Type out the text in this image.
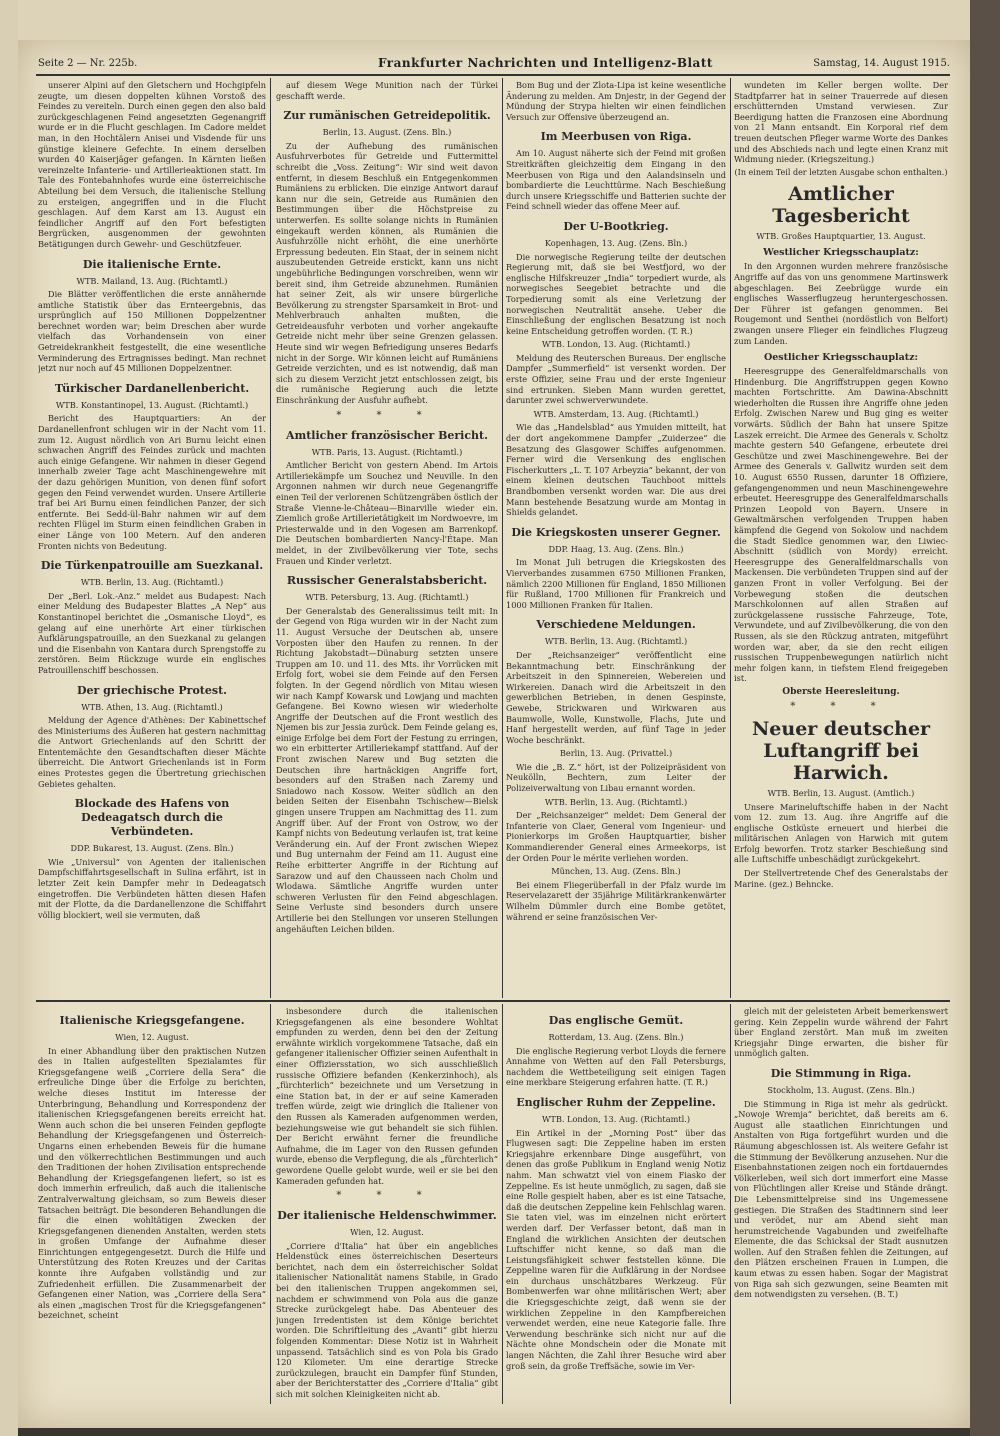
Seite 2 — Nr. 225b.	Frankfurter Nachrichten und Intelligenz-Blatt	Samstag, 14. August 1915.

unserer Alpini auf den Gletschern und Hochgipfeln zeugte, um diesen doppelten kühnen Vorstoß des Feindes zu vereiteln. Durch einen gegen den also bald zurückgeschlagenen Feind angesetzten Gegenangriff wurde er in die Flucht geschlagen. Im Cadore meldet man, in den Hochtälern Anisei und Visdende für uns günstige kleinere Gefechte. In einem derselben wurden 40 Kaiserjäger gefangen. In Kärnten ließen vereinzelte Infanterie- und Artillerieaktionen statt. Im Tale des Fontebahnhofes wurde eine österreichische Abteilung bei dem Versuch, die italienische Stellung zu ersteigen, angegriffen und in die Flucht geschlagen. Auf dem Karst am 13. August ein feindlicher Angriff auf den Fort befestigten Bergrücken, ausgenommen der gewohnten Betätigungen durch Gewehr- und Geschützfeuer.

Die italienische Ernte.
WTB. Mailand, 13. Aug. (Richtamtl.)

Die Blätter veröffentlichen die erste annähernde amtliche Statistik über das Ernteergebnis, das ursprünglich auf 150 Millionen Doppelzentner berechnet worden war; beim Dreschen aber wurde vielfach das Vorhandensein von einer Getreidekrankheit festgestellt, die eine wesentliche Verminderung des Ertragnisses bedingt. Man rechnet jetzt nur noch auf 45 Millionen Doppelzentner.

Türkischer Dardanellenbericht.
WTB. Konstantinopel, 13. August. (Richtamtl.)

Bericht des Hauptquartiers: An der Dardanellenfront schlugen wir in der Nacht vom 11. zum 12. August nördlich von Ari Burnu leicht einen schwachen Angriff des Feindes zurück und machten auch einige Gefangene. Wir nahmen in dieser Gegend innerhalb zweier Tage acht Maschinengewehre mit der dazu gehörigen Munition, von denen fünf sofort gegen den Feind verwendet wurden. Unsere Artillerie traf bei Ari Burnu einen feindlichen Panzer, der sich entfernte. Bei Sedd-ül-Bahr nahmen wir auf dem rechten Flügel im Sturm einen feindlichen Graben in einer Länge von 100 Metern. Auf den anderen Fronten nichts von Bedeutung.

Die Türkenpatrouille am Suezkanal.
WTB. Berlin, 13. Aug. (Richtamtl.)

Der „Berl. Lok.-Anz.“ meldet aus Budapest: Nach einer Meldung des Budapester Blattes „A Nep“ aus Konstantinopel berichtet die „Osmanische Lloyd“, es gelang auf eine unerhörte Art einer türkischen Aufklärungspatrouille, an den Suezkanal zu gelangen und die Eisenbahn von Kantara durch Sprengstoffe zu zerstören. Beim Rückzuge wurde ein englisches Patrouillenschiff beschossen.

Der griechische Protest.
WTB. Athen, 13. Aug. (Richtamtl.)

Meldung der Agence d'Athènes: Der Kabinettschef des Ministeriums des Äußeren hat gestern nachmittag die Antwort Griechenlands auf den Schritt der Ententemächte den Gesandtschaften dieser Mächte überreicht. Die Antwort Griechenlands ist in Form eines Protestes gegen die Übertretung griechischen Gebietes gehalten.

Blockade des Hafens von Dedeagatsch durch die Verbündeten.
DDP. Bukarest, 13. August. (Zens. Bln.)

Wie „Universul“ von Agenten der italienischen Dampfschiffahrtsgesellschaft in Sulina erfährt, ist in letzter Zeit kein Dampfer mehr in Dedeagatsch eingetroffen. Die Verbündeten hätten diesen Hafen mit der Flotte, da die Dardanellenzone die Schiffahrt völlig blockiert, weil sie vermuten, daß

auf diesem Wege Munition nach der Türkei geschafft werde.

Zur rumänischen Getreidepolitik.
Berlin, 13. August. (Zens. Bln.)

Zu der Aufhebung des rumänischen Ausfuhrverbotes für Getreide und Futtermittel schreibt die „Voss. Zeitung“: Wir sind weit davon entfernt, in diesem Beschluß ein Entgegenkommen Rumäniens zu erblicken. Die einzige Antwort darauf kann nur die sein, Getreide aus Rumänien den Bestimmungen über die Höchstpreise zu unterwerfen. Es sollte solange nichts in Rumänien eingekauft werden können, als Rumänien die Ausfuhrzölle nicht erhöht, die eine unerhörte Erpressung bedeuten. Ein Staat, der in seinem nicht auszubeutenden Getreide erstickt, kann uns nicht ungebührliche Bedingungen vorschreiben, wenn wir bereit sind, ihm Getreide abzunehmen. Rumänien hat seiner Zeit, als wir unsere bürgerliche Bevölkerung zu strengster Sparsamkeit in Brot- und Mehlverbrauch anhalten mußten, die Getreideausfuhr verboten und vorher angekaufte Getreide nicht mehr über seine Grenzen gelassen. Heute sind wir wegen Befriedigung unseres Bedarfs nicht in der Sorge. Wir können leicht auf Rumäniens Getreide verzichten, und es ist notwendig, daß man sich zu diesem Verzicht jetzt entschlossen zeigt, bis die rumänische Regierung auch die letzte Einschränkung der Ausfuhr aufhebt.

* * *
Amtlicher französischer Bericht.
WTB. Paris, 13. August. (Richtamtl.)

Amtlicher Bericht von gestern Abend. Im Artois Artilleriekämpfe um Souchez und Neuville. In den Argonnen nahmen wir durch neue Gegenangriffe einen Teil der verlorenen Schützengräben östlich der Straße Vienne-le-Château—Binarville wieder ein. Ziemlich große Artillerietätigkeit im Nordwoevre, im Priesterwalde und in den Vogesen am Barrenkopf. Die Deutschen bombardierten Nancy-l'Étape. Man meldet, in der Zivilbevölkerung vier Tote, sechs Frauen und Kinder verletzt.

Russischer Generalstabsbericht.
WTB. Petersburg, 13. Aug. (Richtamtl.)

Der Generalstab des Generalissimus teilt mit: In der Gegend von Riga wurden wir in der Nacht zum 11. August Versuche der Deutschen ab, unsere Vorposten über den Haufen zu rennen. In der Richtung Jakobstadt—Dünaburg setzten unsere Truppen am 10. und 11. des Mts. ihr Vorrücken mit Erfolg fort, wobei sie dem Feinde auf den Fersen folgten. In der Gegend nördlich von Mitau wiesen wir nach Kampf Kowarsk und Lowjang und machten Gefangene. Bei Kowno wiesen wir wiederholte Angriffe der Deutschen auf die Front westlich des Njemen bis zur Jessia zurück. Dem Feinde gelang es, einige Erfolge bei dem Fort der Festung zu erringen, wo ein erbitterter Artilleriekampf stattfand. Auf der Front zwischen Narew und Bug setzten die Deutschen ihre hartnäckigen Angriffe fort, besonders auf den Straßen nach Zaremy und Sniadowo nach Kossow. Weiter südlich an den beiden Seiten der Eisenbahn Tschischew—Bielsk gingen unsere Truppen am Nachmittag des 11. zum Angriff über. Auf der Front von Ostrow, wo der Kampf nichts von Bedeutung verlaufen ist, trat keine Veränderung ein. Auf der Front zwischen Wiepez und Bug unternahm der Feind am 11. August eine Reihe erbitterter Angriffe in der Richtung auf Sarazow und auf den Chausseen nach Cholm und Wlodawa. Sämtliche Angriffe wurden unter schweren Verlusten für den Feind abgeschlagen. Seine Verluste sind besonders durch unsere Artillerie bei den Stellungen vor unseren Stellungen angehäuften Leichen bilden.

Bom Bug und der Zlota-Lipa ist keine wesentliche Änderung zu melden. Am Dnjestr, in der Gegend der Mündung der Strypa hielten wir einen feindlichen Versuch zur Offensive überzeugend an.

Im Meerbusen von Riga.

Am 10. August näherte sich der Feind mit großen Streitkräften gleichzeitig dem Eingang in den Meerbusen von Riga und den Aalandsinseln und bombardierte die Leuchttürme. Nach Beschießung durch unsere Kriegsschiffe und Batterien suchte der Feind schnell wieder das offene Meer auf.

Der U-Bootkrieg.
Kopenhagen, 13. Aug. (Zens. Bln.)

Die norwegische Regierung teilte der deutschen Regierung mit, daß sie bei Westfjord, wo der englische Hilfskreuzer „India“ torpediert wurde, als norwegisches Seegebiet betrachte und die Torpedierung somit als eine Verletzung der norwegischen Neutralität ansehe. Ueber die Einschließung der englischen Besatzung ist noch keine Entscheidung getroffen worden. (T. R.)

WTB. London, 13. Aug. (Richtamtl.)

Meldung des Reuterschen Bureaus. Der englische Dampfer „Summerfield“ ist versenkt worden. Der erste Offizier, seine Frau und der erste Ingenieur sind ertrunken. Sieben Mann wurden gerettet, darunter zwei schwerverwundete.

WTB. Amsterdam, 13. Aug. (Richtamtl.)

Wie das „Handelsblad“ aus Ymuiden mitteilt, hat der dort angekommene Dampfer „Zuiderzee“ die Besatzung des Glasgower Schiffes aufgenommen. Ferner wird die Versenkung des englischen Fischerkutters „L. T. 107 Arbeyzia“ bekannt, der von einem kleinen deutschen Tauchboot mittels Brandbomben versenkt worden war. Die aus drei Mann bestehende Besatzung wurde am Montag in Shields gelandet.

Die Kriegskosten unserer Gegner.
DDP. Haag, 13. Aug. (Zens. Bln.)

Im Monat Juli betrugen die Kriegskosten des Vierverbandes zusammen 6750 Millionen Franken, nämlich 2200 Millionen für England, 1850 Millionen für Rußland, 1700 Millionen für Frankreich und 1000 Millionen Franken für Italien.

Verschiedene Meldungen.
WTB. Berlin, 13. Aug. (Richtamtl.)

Der „Reichsanzeiger“ veröffentlicht eine Bekanntmachung betr. Einschränkung der Arbeitszeit in den Spinnereien, Webereien und Wirkereien. Danach wird die Arbeitszeit in den gewerblichen Betrieben, in denen Gespinste, Gewebe, Strickwaren und Wirkwaren aus Baumwolle, Wolle, Kunstwolle, Flachs, Jute und Hanf hergestellt werden, auf fünf Tage in jeder Woche beschränkt.

Berlin, 13. Aug. (Privattel.)

Wie die „B. Z.“ hört, ist der Polizeipräsident von Neukölln, Bechtern, zum Leiter der Polizeiverwaltung von Libau ernannt worden.

WTB. Berlin, 13. Aug. (Richtamtl.)

Der „Reichsanzeiger“ meldet: Dem General der Infanterie von Claer, General vom Ingenieur- und Pionierkorps im Großen Hauptquartier, bisher Kommandierender General eines Armeekorps, ist der Orden Pour le mérite verliehen worden.

München, 13. Aug. (Zens. Bln.)

Bei einem Fliegerüberfall in der Pfalz wurde im Reservelazarett der 35jährige Militärkrankenwärter Wilhelm Dümmler durch eine Bombe getötet, während er seine französischen Ver-

wundeten im Keller bergen wollte. Der Stadtpfarrer hat in seiner Trauerrede auf diesen erschütternden Umstand verwiesen. Zur Beerdigung hatten die Franzosen eine Abordnung von 21 Mann entsandt. Ein Korporal rief dem treuen deutschen Pfleger warme Worte des Dankes und des Abschieds nach und legte einen Kranz mit Widmung nieder. (Kriegszeitung.)

(In einem Teil der letzten Ausgabe schon enthalten.)
Amtlicher Tagesbericht
WTB. Großes Hauptquartier, 13. August.
Westlicher Kriegsschauplatz:

In den Argonnen wurden mehrere französische Angriffe auf das von uns genommene Martinswerk abgeschlagen. Bei Zeebrügge wurde ein englisches Wasserflugzeug heruntergeschossen. Der Führer ist gefangen genommen. Bei Rougemont und Senthei (nordöstlich von Belfort) zwangen unsere Flieger ein feindliches Flugzeug zum Landen.

Oestlicher Kriegsschauplatz:

Heeresgruppe des Generalfeldmarschalls von Hindenburg. Die Angriffstruppen gegen Kowno machten Fortschritte. Am Dawina-Abschnitt wiederholten die Russen ihre Angriffe ohne jeden Erfolg. Zwischen Narew und Bug ging es weiter vorwärts. Südlich der Bahn hat unsere Spitze Laszek erreicht. Die Armee des Generals v. Scholtz machte gestern 540 Gefangene, erbeutete drei Geschütze und zwei Maschinengewehre. Bei der Armee des Generals v. Gallwitz wurden seit dem 10. August 6550 Russen, darunter 18 Offiziere, gefangengenommen und neun Maschinengewehre erbeutet. Heeresgruppe des Generalfeldmarschalls Prinzen Leopold von Bayern. Unsere in Gewaltmärschen verfolgenden Truppen haben kämpfend die Gegend von Sokolow und nachdem die Stadt Siedlce genommen war, den Liwiec-Abschnitt (südlich von Mordy) erreicht. Heeresgruppe des Generalfeldmarschalls von Mackensen. Die verbündeten Truppen sind auf der ganzen Front in voller Verfolgung. Bei der Vorbewegung stoßen die deutschen Marschkolonnen auf allen Straßen auf zurückgelassene russische Fahrzeuge, Tote, Verwundete, und auf Zivilbevölkerung, die von den Russen, als sie den Rückzug antraten, mitgeführt worden war, aber, da sie den recht eiligen russischen Truppenbewegungen natürlich nicht mehr folgen kann, in tiefstem Elend freigegeben ist.

Oberste Heeresleitung.
* * *
Neuer deutscher Luftangriff bei Harwich.
WTB. Berlin, 13. August. (Amtlich.)

Unsere Marineluftschiffe haben in der Nacht vom 12. zum 13. Aug. ihre Angriffe auf die englische Ostküste erneuert und hierbei die militärischen Anlagen von Harwich mit gutem Erfolg beworfen. Trotz starker Beschießung sind alle Luftschiffe unbeschädigt zurückgekehrt.

Der Stellvertretende Chef des Generalstabs der Marine. (gez.) Behncke.

Italienische Kriegsgefangene.
Wien, 12. August.

In einer Abhandlung über den praktischen Nutzen des in Italien aufgestellten Spezialamtes für Kriegsgefangene weiß „Corriere della Sera“ die erfreuliche Dinge über die Erfolge zu berichten, welche dieses Institut im Interesse der Unterbringung, Behandlung und Korrespondenz der italienischen Kriegsgefangenen bereits erreicht hat. Wenn auch schon die bei unseren Feinden gepflogte Behandlung der Kriegsgefangenen und Österreich-Ungarns einen erhebenden Beweis für die humane und den völkerrechtlichen Bestimmungen und auch den Traditionen der hohen Zivilisation entsprechende Behandlung der Kriegsgefangenen liefert, so ist es doch immerhin erfreulich, daß auch die italienische Zentralverwaltung gleichsam, so zum Beweis dieser Tatsachen beiträgt. Die besonderen Behandlungen die für die einen wohltätigen Zwecken der Kriegsgefangenen dienenden Anstalten, werden stets in großen Umfange der Aufnahme dieser Einrichtungen entgegengesetzt. Durch die Hilfe und Unterstützung des Roten Kreuzes und der Caritas konnte ihre Aufgaben vollständig und zur Zufriedenheit erfüllen. Die Zusammenarbeit der Gefangenen einer Nation, was „Corriere della Sera“ als einen „magischen Trost für die Kriegsgefangenen“ bezeichnet, scheint

insbesondere durch die italienischen Kriegsgefangenen als eine besondere Wohltat empfunden zu werden, denn bei den der Zeitung erwähnte wirklich vorgekommene Tatsache, daß ein gefangener italienischer Offizier seinen Aufenthalt in einer Offiziersstation, wo sich ausschließlich russische Offiziere befanden (Kenkerzinhoch), als „fürchterlich“ bezeichnete und um Versetzung in eine Station bat, in der er auf seine Kameraden treffen würde, zeigt wie dringlich die Italiener von den Russen als Kameraden aufgenommen werden, beziehungsweise wie gut behandelt sie sich fühlen. Der Bericht erwähnt ferner die freundliche Aufnahme, die im Lager von den Russen gefunden wurde, ebenso die Verpflegung, die als „fürchterlich“ gewordene Quelle gelobt wurde, weil er sie bei den Kameraden gefunden hat.

* * *
Der italienische Heldenschwimmer.
Wien, 12. August.

„Corriere d'Italia“ hat über ein angebliches Heldenstück eines österreichischen Deserteurs berichtet, nach dem ein österreichischer Soldat italienischer Nationalität namens Stabile, in Grado bei den italienischen Truppen angekommen sei, nachdem er schwimmend von Pola aus die ganze Strecke zurückgelegt habe. Das Abenteuer des jungen Irredentisten ist dem Könige berichtet worden. Die Schriftleitung des „Avanti“ gibt hierzu folgenden Kommentar: Diese Notiz ist in Wahrheit unpassend. Tatsächlich sind es von Pola bis Grado 120 Kilometer. Um eine derartige Strecke zurückzulegen, braucht ein Dampfer fünf Stunden, aber der Berichterstatter des „Corriere d'Italia“ gibt sich mit solchen Kleinigkeiten nicht ab.

Das englische Gemüt.
Rotterdam, 13. Aug. (Zens. Bln.)

Die englische Regierung verbot Lloyds die fernere Annahme von Wetten auf den Fall Petersburgs, nachdem die Wettbeteiligung seit einigen Tagen eine merkbare Steigerung erfahren hatte. (T. R.)

Englischer Ruhm der Zeppeline.
WTB. London, 13. Aug. (Richtamtl.)

Ein Artikel in der „Morning Post“ über das Flugwesen sagt: Die Zeppeline haben im ersten Kriegsjahre erkennbare Dinge ausgeführt, von denen das große Publikum in England wenig Notiz nahm. Man schwatzt viel von einem Fiasko der Zeppeline. Es ist heute unmöglich, zu sagen, daß sie eine Rolle gespielt haben, aber es ist eine Tatsache, daß die deutschen Zeppeline kein Fehlschlag waren. Sie taten viel, was im einzelnen nicht erörtert werden darf. Der Verfasser betont, daß man in England die wirklichen Ansichten der deutschen Luftschiffer nicht kenne, so daß man die Leistungsfähigkeit schwer feststellen könne. Die Zeppeline waren für die Aufklärung in der Nordsee ein durchaus unschätzbares Werkzeug. Für Bombenwerfen war ohne militärischen Wert; aber die Kriegsgeschichte zeigt, daß wenn sie der wirklichen Zeppeline in den Kampfbereichen verwendet werden, eine neue Kategorie falle. Ihre Verwendung beschränke sich nicht nur auf die Nächte ohne Mondschein oder die Monate mit langen Nächten, die Zahl ihrer Besuche wird aber groß sein, da große Treffsäche, sowie im Ver-

gleich mit der geleisteten Arbeit bemerkenswert gering. Kein Zeppelin wurde während der Fahrt über England zerstört. Man muß im zweiten Kriegsjahr Dinge erwarten, die bisher für unmöglich galten.

Die Stimmung in Riga.
Stockholm, 13. August. (Zens. Bln.)

Die Stimmung in Riga ist mehr als gedrückt. „Nowoje Wremja“ berichtet, daß bereits am 6. August alle staatlichen Einrichtungen und Anstalten von Riga fortgeführt wurden und die Räumung abgeschlossen ist. Als weitere Gefahr ist die Stimmung der Bevölkerung anzusehen. Nur die Eisenbahnstationen zeigen noch ein fortdauerndes Völkerleben, weil sich dort immerfort eine Masse von Flüchtlingen aller Kreise und Stände drängt. Die Lebensmittelpreise sind ins Ungemessene gestiegen. Die Straßen des Stadtinnern sind leer und verödet, nur am Abend sieht man herumstreichende Vagabunden und zweifelhafte Elemente, die das Schicksal der Stadt ausnutzen wollen. Auf den Straßen fehlen die Zeitungen, auf den Plätzen erscheinen Frauen in Lumpen, die kaum etwas zu essen haben. Sogar der Magistrat von Riga sah sich gezwungen, seine Beamten mit dem notwendigsten zu versehen. (B. T.)
